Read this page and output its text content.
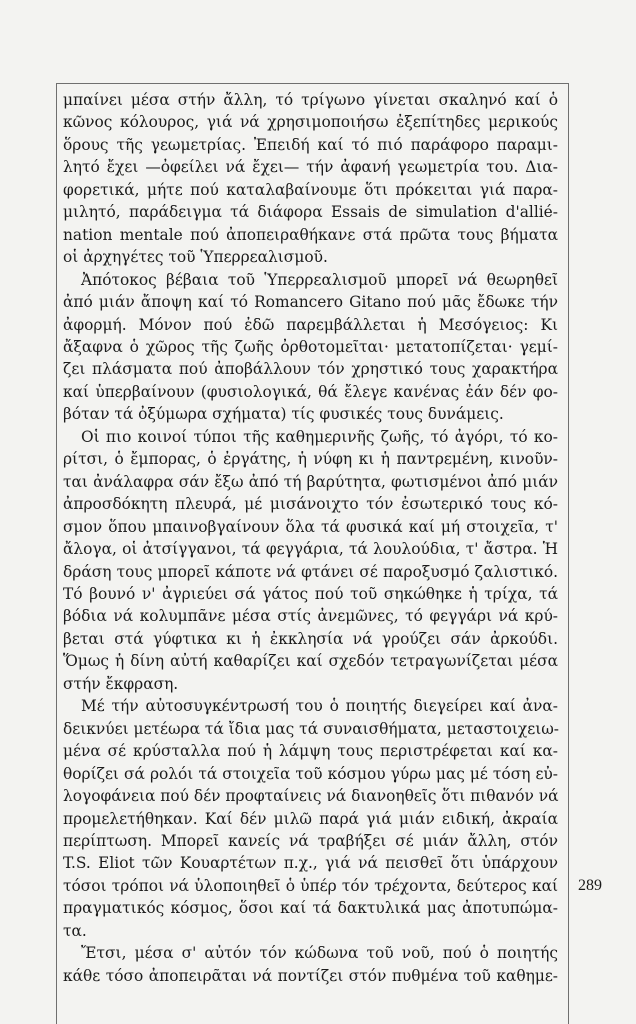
μπαίνει μέσα στήν ἄλλη, τό τρίγωνο γίνεται σκαληνό καί ὁ
κῶνος κόλουρος, γιά νά χρησιμοποιήσω ἐξεπίτηδες μερικούς
ὅρους τῆς γεωμετρίας. Ἐπειδή καί τό πιό παράφορο παραμι-
λητό ἔχει —ὀφείλει νά ἔχει— τήν ἀφανή γεωμετρία του. Δια-
φορετικά, μήτε πού καταλαβαίνουμε ὅτι πρόκειται γιά παρα-
μιλητό, παράδειγμα τά διάφορα Essais de simulation d'allié-
nation mentale πού ἀποπειραθήκανε στά πρῶτα τους βήματα
οἱ ἀρχηγέτες τοῦ Ὑπερρεαλισμοῦ.
Ἀπότοκος βέβαια τοῦ Ὑπερρεαλισμοῦ μπορεῖ νά θεωρηθεῖ
ἀπό μιάν ἄποψη καί τό Romancero Gitano πού μᾶς ἔδωκε τήν
ἀφορμή. Μόνον πού ἐδῶ παρεμβάλλεται ἡ Μεσόγειος: Κι
ἄξαφνα ὁ χῶρος τῆς ζωῆς ὀρθοτομεῖται· μετατοπίζεται· γεμί-
ζει πλάσματα πού ἀποβάλλουν τόν χρηστικό τους χαρακτήρα
καί ὑπερβαίνουν (φυσιολογικά, θά ἔλεγε κανένας ἐάν δέν φο-
βόταν τά ὀξύμωρα σχήματα) τίς φυσικές τους δυνάμεις.
Οἱ πιο κοινοί τύποι τῆς καθημερινῆς ζωῆς, τό ἀγόρι, τό κο-
ρίτσι, ὁ ἔμπορας, ὁ ἐργάτης, ἡ νύφη κι ἡ παντρεμένη, κινοῦν-
ται ἀνάλαφρα σάν ἔξω ἀπό τή βαρύτητα, φωτισμένοι ἀπό μιάν
ἀπροσδόκητη πλευρά, μέ μισάνοιχτο τόν ἐσωτερικό τους κό-
σμον ὅπου μπαινοβγαίνουν ὅλα τά φυσικά καί μή στοιχεῖα, τ'
ἄλογα, οἱ ἀτσίγγανοι, τά φεγγάρια, τά λουλούδια, τ' ἄστρα. Ἡ
δράση τους μπορεῖ κάποτε νά φτάνει σέ παροξυσμό ζαλιστικό.
Τό βουνό ν' ἀγριεύει σά γάτος πού τοῦ σηκώθηκε ἡ τρίχα, τά
βόδια νά κολυμπᾶνε μέσα στίς ἀνεμῶνες, τό φεγγάρι νά κρύ-
βεται στά γύφτικα κι ἡ ἐκκλησία νά γρούζει σάν ἀρκούδι.
Ὅμως ἡ δίνη αὐτή καθαρίζει καί σχεδόν τετραγωνίζεται μέσα
στήν ἔκφραση.
Μέ τήν αὐτοσυγκέντρωσή του ὁ ποιητής διεγείρει καί ἀνα-
δεικνύει μετέωρα τά ἴδια μας τά συναισθήματα, μεταστοιχειω-
μένα σέ κρύσταλλα πού ἡ λάμψη τους περιστρέφεται καί κα-
θορίζει σά ρολόι τά στοιχεῖα τοῦ κόσμου γύρω μας μέ τόση εὐ-
λογοφάνεια πού δέν προφταίνεις νά διανοηθεῖς ὅτι πιθανόν νά
προμελετήθηκαν. Καί δέν μιλῶ παρά γιά μιάν ειδική, ἀκραία
περίπτωση. Μπορεῖ κανείς νά τραβήξει σέ μιάν ἄλλη, στόν
T.S. Eliot τῶν Κουαρτέτων π.χ., γιά νά πεισθεῖ ὅτι ὑπάρχουν
τόσοι τρόποι νά ὑλοποιηθεῖ ὁ ὑπέρ τόν τρέχοντα, δεύτερος καί
πραγματικός κόσμος, ὅσοι καί τά δακτυλικά μας ἀποτυπώμα-
τα.
Ἔτσι, μέσα σ' αὐτόν τόν κώδωνα τοῦ νοῦ, πού ὁ ποιητής
κάθε τόσο ἀποπειρᾶται νά ποντίζει στόν πυθμένα τοῦ καθημε-
289
